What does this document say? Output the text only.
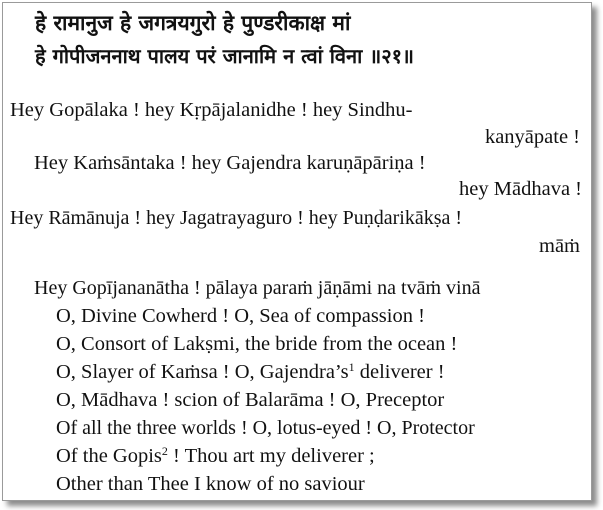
हे रामानुज हे जगत्रयगुरो हे पुण्डरीकाक्ष मां
हे गोपीजननाथ पालय परं जानामि न त्वां विना ॥२१॥
Hey Gopālaka ! hey Kṛpājalanidhe ! hey Sindhu-
kanyāpate !
Hey Kaṁsāntaka ! hey Gajendra karuṇāpāriṇa !
hey Mādhava !
Hey Rāmānuja ! hey Jagatrayaguro ! hey Puṇḍarikākṣa !
māṁ
Hey Gopījananātha ! pālaya paraṁ jāṇāmi na tvāṁ vinā
O, Divine Cowherd ! O, Sea of compassion !
O, Consort of Lakṣmi, the bride from the ocean !
O, Slayer of Kaṁsa ! O, $Gajendra’s^1$ deliverer !
O, Mādhava ! scion of Balarāma ! O, Preceptor
Of all the three worlds ! O, lotus-eyed ! O, Protector
Of the Gopis$^2$ ! Thou art my deliverer ;
Other than Thee I know of no saviour
